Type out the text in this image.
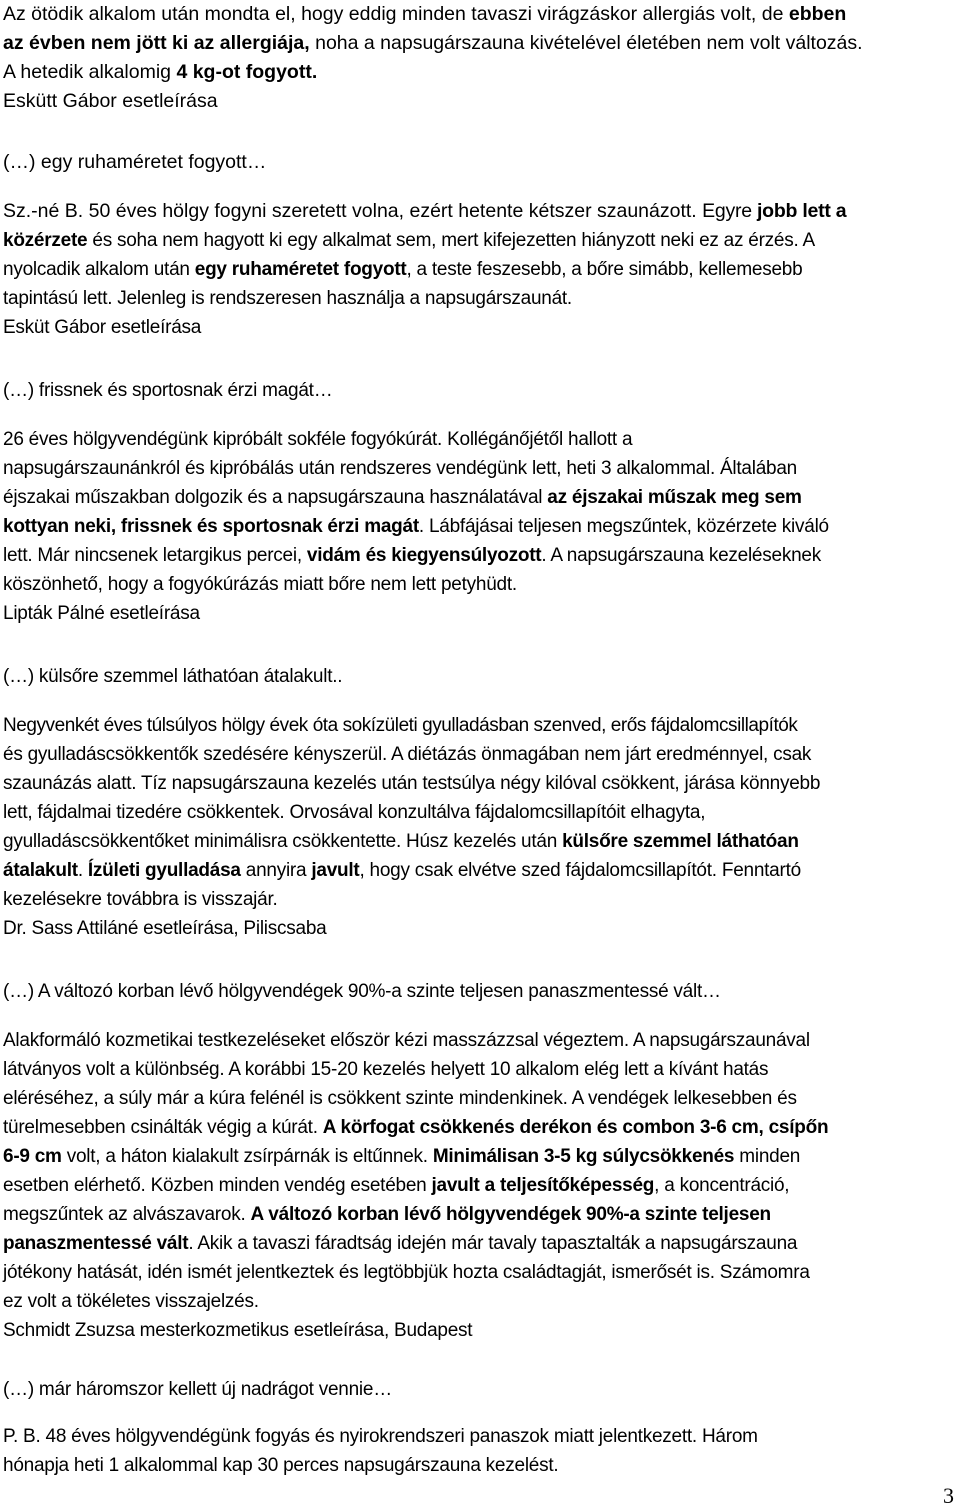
Az ötödik alkalom után mondta el, hogy eddig minden tavaszi virágzáskor allergiás volt, de ebben
az évben nem jött ki az allergiája, noha a napsugárszauna kivételével életében nem volt változás.
A hetedik alkalomig 4 kg-ot fogyott.
Eskütt Gábor esetleírása
(…) egy ruhaméretet fogyott…
Sz.-né B. 50 éves hölgy fogyni szeretett volna, ezért hetente kétszer szaunázott. Egyre jobb lett a
közérzete és soha nem hagyott ki egy alkalmat sem, mert kifejezetten hiányzott neki ez az érzés. A
nyolcadik alkalom után egy ruhaméretet fogyott, a teste feszesebb, a bőre simább, kellemesebb
tapintású lett. Jelenleg is rendszeresen használja a napsugárszaunát.
Esküt Gábor esetleírása
(…) frissnek és sportosnak érzi magát…
26 éves hölgyvendégünk kipróbált sokféle fogyókúrát. Kollégánőjétől hallott a
napsugárszaunánkról és kipróbálás után rendszeres vendégünk lett, heti 3 alkalommal. Általában
éjszakai műszakban dolgozik és a napsugárszauna használatával az éjszakai műszak meg sem
kottyan neki, frissnek és sportosnak érzi magát. Lábfájásai teljesen megszűntek, közérzete kiváló
lett. Már nincsenek letargikus percei, vidám és kiegyensúlyozott. A napsugárszauna kezeléseknek
köszönhető, hogy a fogyókúrázás miatt bőre nem lett petyhüdt.
Lipták Pálné esetleírása
(…) külsőre szemmel láthatóan átalakult..
Negyvenkét éves túlsúlyos hölgy évek óta sokízületi gyulladásban szenved, erős fájdalomcsillapítók
és gyulladáscsökkentők szedésére kényszerül. A diétázás önmagában nem járt eredménnyel, csak
szaunázás alatt. Tíz napsugárszauna kezelés után testsúlya négy kilóval csökkent, járása könnyebb
lett, fájdalmai tizedére csökkentek. Orvosával konzultálva fájdalomcsillapítóit elhagyta,
gyulladáscsökkentőket minimálisra csökkentette. Húsz kezelés után külsőre szemmel láthatóan
átalakult. Ízületi gyulladása annyira javult, hogy csak elvétve szed fájdalomcsillapítót. Fenntartó
kezelésekre továbbra is visszajár.
Dr. Sass Attiláné esetleírása, Piliscsaba
(…) A változó korban lévő hölgyvendégek 90%-a szinte teljesen panaszmentessé vált…
Alakformáló kozmetikai testkezeléseket először kézi masszázzsal végeztem. A napsugárszaunával
látványos volt a különbség. A korábbi 15-20 kezelés helyett 10 alkalom elég lett a kívánt hatás
eléréséhez, a súly már a kúra felénél is csökkent szinte mindenkinek. A vendégek lelkesebben és
türelmesebben csinálták végig a kúrát. A körfogat csökkenés derékon és combon 3-6 cm, csípőn
6-9 cm volt, a háton kialakult zsírpárnák is eltűnnek. Minimálisan 3-5 kg súlycsökkenés minden
esetben elérhető. Közben minden vendég esetében javult a teljesítőképesség, a koncentráció,
megszűntek az alvászavarok. A változó korban lévő hölgyvendégek 90%-a szinte teljesen
panaszmentessé vált. Akik a tavaszi fáradtság idején már tavaly tapasztalták a napsugárszauna
jótékony hatását, idén ismét jelentkeztek és legtöbbjük hozta családtagját, ismerősét is. Számomra
ez volt a tökéletes visszajelzés.
Schmidt Zsuzsa mesterkozmetikus esetleírása, Budapest
(…) már háromszor kellett új nadrágot vennie…
P. B. 48 éves hölgyvendégünk fogyás és nyirokrendszeri panaszok miatt jelentkezett. Három
hónapja heti 1 alkalommal kap 30 perces napsugárszauna kezelést.
3
